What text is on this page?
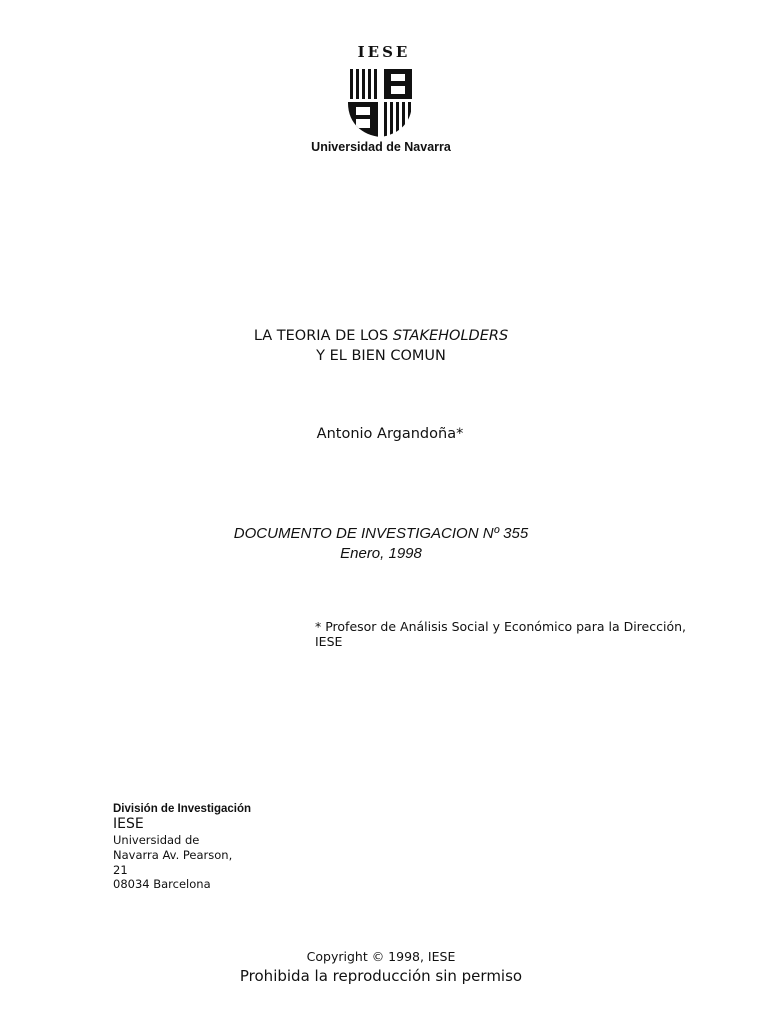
IESE
Universidad de Navarra
LA TEORIA DE LOS STAKEHOLDERS
Y EL BIEN COMUN
Antonio Argandoña*
DOCUMENTO DE INVESTIGACION Nº 355
Enero, 1998
* Profesor de Análisis Social y Económico para la Dirección,
IESE
División de Investigación
IESE
Universidad de
Navarra Av. Pearson,
21
08034 Barcelona
Copyright © 1998, IESE
Prohibida la reproducción sin permiso
